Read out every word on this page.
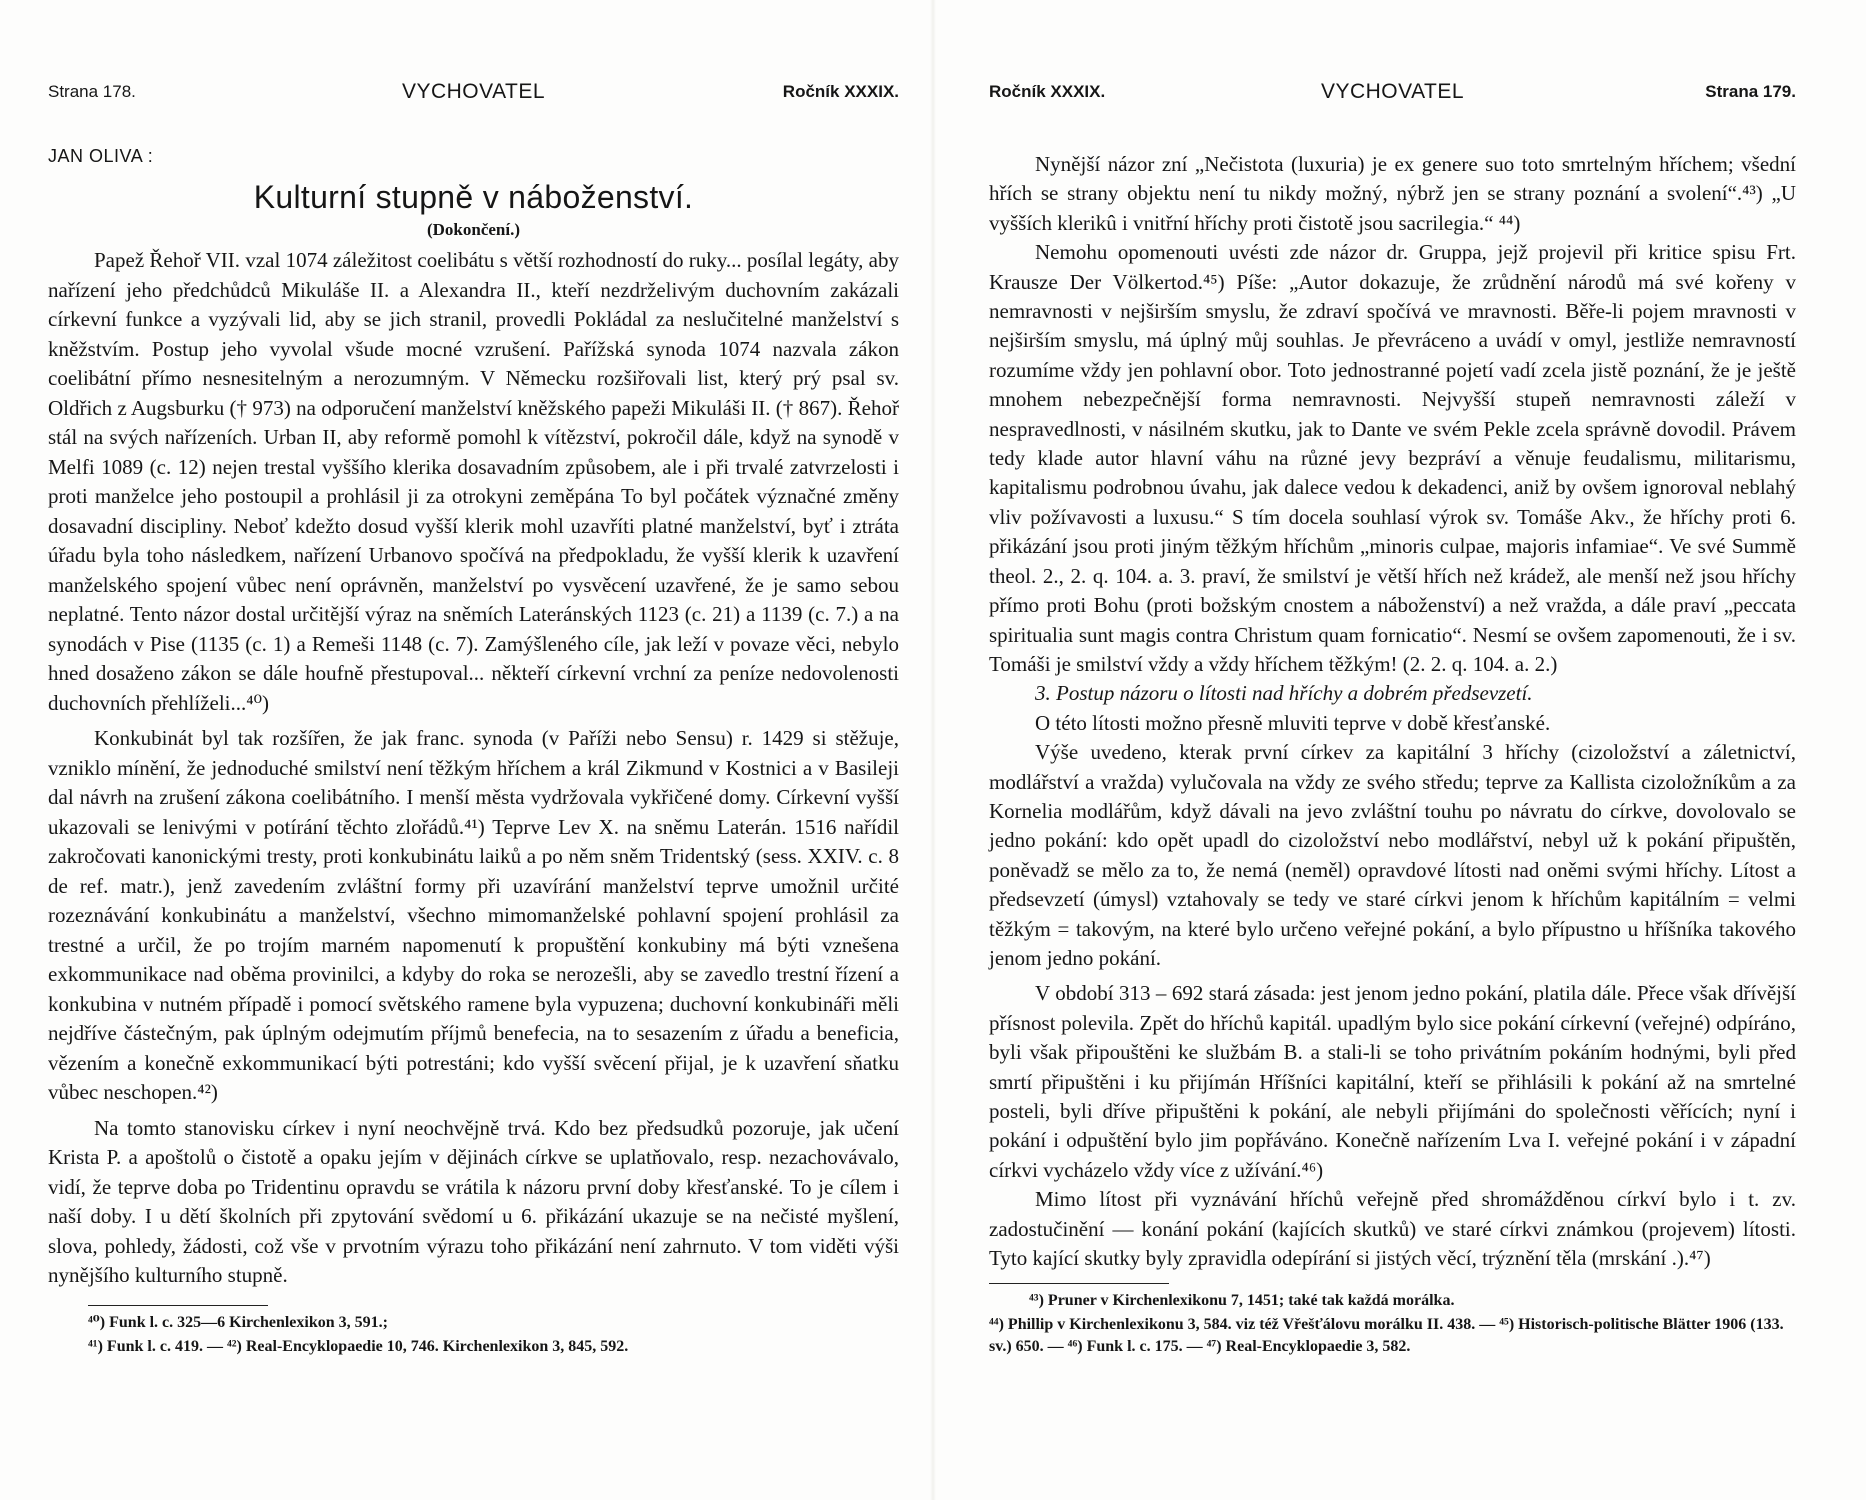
Strana 178.	VYCHOVATEL	Ročník XXXIX.
JAN OLIVA :
Kulturní stupně v náboženství.
(Dokončení.)

Papež Řehoř VII. vzal 1074 záležitost coelibátu s větší rozhodností do ruky... posílal legáty, aby nařízení jeho předchůdců Mikuláše II. a Alexandra II., kteří nezdrželivým duchovním zakázali církevní funkce a vyzývali lid, aby se jich stranil, provedli Pokládal za neslučitelné manželství s kněžstvím. Postup jeho vyvolal všude mocné vzrušení. Pařížská synoda 1074 nazvala zákon coelibátní přímo nesnesitelným a nerozumným. V Německu rozšiřovali list, který prý psal sv. Oldřich z Augsburku († 973) na odporučení manželství kněžského papeži Mikuláši II. († 867). Řehoř stál na svých nařízeních. Urban II, aby reformě pomohl k vítězství, pokročil dále, když na synodě v Melfi 1089 (c. 12) nejen trestal vyššího klerika dosavadním způsobem, ale i při trvalé zatvrzelosti i proti manželce jeho postoupil a prohlásil ji za otrokyni zeměpána To byl počátek význačné změny dosavadní discipliny. Neboť kdežto dosud vyšší klerik mohl uzavříti platné manželství, byť i ztráta úřadu byla toho následkem, nařízení Urbanovo spočívá na předpokladu, že vyšší klerik k uzavření manželského spojení vůbec není oprávněn, manželství po vysvěcení uzavřené, že je samo sebou neplatné. Tento názor dostal určitější výraz na sněmích Lateránských 1123 (c. 21) a 1139 (c. 7.) a na synodách v Pise (1135 (c. 1) a Remeši 1148 (c. 7). Zamýšleného cíle, jak leží v povaze věci, nebylo hned dosaženo zákon se dále houfně přestupoval... někteří církevní vrchní za peníze nedovolenosti duchovních přehlíželi...⁴⁰)

Konkubinát byl tak rozšířen, že jak franc. synoda (v Paříži nebo Sensu) r. 1429 si stěžuje, vzniklo mínění, že jednoduché smilství není těžkým hříchem a král Zikmund v Kostnici a v Basileji dal návrh na zrušení zákona coelibátního. I menší města vydržovala vykřičené domy. Církevní vyšší ukazovali se lenivými v potírání těchto zlořádů.⁴¹) Teprve Lev X. na sněmu Laterán. 1516 nařídil zakročovati kanonickými tresty, proti konkubinátu laiků a po něm sněm Tridentský (sess. XXIV. c. 8 de ref. matr.), jenž zavedením zvláštní formy při uzavírání manželství teprve umožnil určité rozeznávání konkubinátu a manželství, všechno mimomanželské pohlavní spojení prohlásil za trestné a určil, že po trojím marném napomenutí k propuštění konkubiny má býti vznešena exkommunikace nad oběma provinilci, a kdyby do roka se nerozešli, aby se zavedlo trestní řízení a konkubina v nutném případě i pomocí světského ramene byla vypuzena; duchovní konkubináři měli nejdříve částečným, pak úplným odejmutím příjmů benefecia, na to sesazením z úřadu a beneficia, vězením a konečně exkommunikací býti potrestáni; kdo vyšší svěcení přijal, je k uzavření sňatku vůbec neschopen.⁴²)

Na tomto stanovisku církev i nyní neochvějně trvá. Kdo bez předsudků pozoruje, jak učení Krista P. a apoštolů o čistotě a opaku jejím v dějinách církve se uplatňovalo, resp. nezachovávalo, vidí, že teprve doba po Tridentinu opravdu se vrátila k názoru první doby křesťanské. To je cílem i naší doby. I u dětí školních při zpytování svědomí u 6. přikázání ukazuje se na nečisté myšlení, slova, pohledy, žádosti, což vše v prvotním výrazu toho přikázání není zahrnuto. V tom viděti výši nynějšího kulturního stupně.

⁴⁰) Funk l. c. 325—6 Kirchenlexikon 3, 591.;
⁴¹) Funk l. c. 419. — ⁴²) Real-Encyklopaedie 10, 746. Kirchenlexikon 3, 845, 592.
Ročník XXXIX.	VYCHOVATEL	Strana 179.

Nynější názor zní „Nečistota (luxuria) je ex genere suo toto smrtelným hříchem; všední hřích se strany objektu není tu nikdy možný, nýbrž jen se strany poznání a svolení“.⁴³) „U vyšších klerikû i vnitřní hříchy proti čistotě jsou sacrilegia.“ ⁴⁴)

Nemohu opomenouti uvésti zde názor dr. Gruppa, jejž projevil při kritice spisu Frt. Krausze Der Völkertod.⁴⁵) Píše: „Autor dokazuje, že zrůdnění národů má své kořeny v nemravnosti v nejširším smyslu, že zdraví spočívá ve mravnosti. Běře-li pojem mravnosti v nejširším smyslu, má úplný můj souhlas. Je převráceno a uvádí v omyl, jestliže nemravností rozumíme vždy jen pohlavní obor. Toto jednostranné pojetí vadí zcela jistě poznání, že je ještě mnohem nebezpečnější forma nemravnosti. Nejvyšší stupeň nemravnosti záleží v nespravedlnosti, v násilném skutku, jak to Dante ve svém Pekle zcela správně dovodil. Právem tedy klade autor hlavní váhu na různé jevy bezpráví a věnuje feudalismu, militarismu, kapitalismu podrobnou úvahu, jak dalece vedou k dekadenci, aniž by ovšem ignoroval neblahý vliv požívavosti a luxusu.“ S tím docela souhlasí výrok sv. Tomáše Akv., že hříchy proti 6. přikázání jsou proti jiným těžkým hříchům „minoris culpae, majoris infamiae“. Ve své Summě theol. 2., 2. q. 104. a. 3. praví, že smilství je větší hřích než krádež, ale menší než jsou hříchy přímo proti Bohu (proti božským cnostem a náboženství) a než vražda, a dále praví „peccata spiritualia sunt magis contra Christum quam fornicatio“. Nesmí se ovšem zapomenouti, že i sv. Tomáši je smilství vždy a vždy hříchem těžkým! (2. 2. q. 104. a. 2.)

3. Postup názoru o lítosti nad hříchy a dobrém předsevzetí.

O této lítosti možno přesně mluviti teprve v době křesťanské.

Výše uvedeno, kterak první církev za kapitální 3 hříchy (cizoložství a záletnictví, modlářství a vražda) vylučovala na vždy ze svého středu; teprve za Kallista cizoložníkům a za Kornelia modlářům, když dávali na jevo zvláštní touhu po návratu do církve, dovolovalo se jedno pokání: kdo opět upadl do cizoložství nebo modlářství, nebyl už k pokání připuštěn, poněvadž se mělo za to, že nemá (neměl) opravdové lítosti nad oněmi svými hříchy. Lítost a předsevzetí (úmysl) vztahovaly se tedy ve staré církvi jenom k hříchům kapitálním = velmi těžkým = takovým, na které bylo určeno veřejné pokání, a bylo přípustno u hříšníka takového jenom jedno pokání.

V období 313 – 692 stará zásada: jest jenom jedno pokání, platila dále. Přece však dřívější přísnost polevila. Zpět do hříchů kapitál. upadlým bylo sice pokání církevní (veřejné) odpíráno, byli však připouštěni ke službám B. a stali-li se toho privátním pokáním hodnými, byli před smrtí připuštěni i ku přijímán Hříšníci kapitální, kteří se přihlásili k pokání až na smrtelné posteli, byli dříve připuštěni k pokání, ale nebyli přijímáni do společnosti věřících; nyní i pokání i odpuštění bylo jim popřáváno. Konečně nařízením Lva I. veřejné pokání i v západní církvi vycházelo vždy více z užívání.⁴⁶)

Mimo lítost při vyznávání hříchů veřejně před shromážděnou církví bylo i t. zv. zadostučinění — konání pokání (kajících skutků) ve staré církvi známkou (projevem) lítosti. Tyto kající skutky byly zpravidla odepírání si jistých věcí, trýznění těla (mrskání .).⁴⁷)

⁴³) Pruner v Kirchenlexikonu 7, 1451; také tak každá morálka.
⁴⁴) Phillip v Kirchenlexikonu 3, 584. viz též Vřešťálovu morálku II. 438. — ⁴⁵) Historisch-politische Blätter 1906 (133. sv.) 650. — ⁴⁶) Funk l. c. 175. — ⁴⁷) Real-Encyklopaedie 3, 582.
